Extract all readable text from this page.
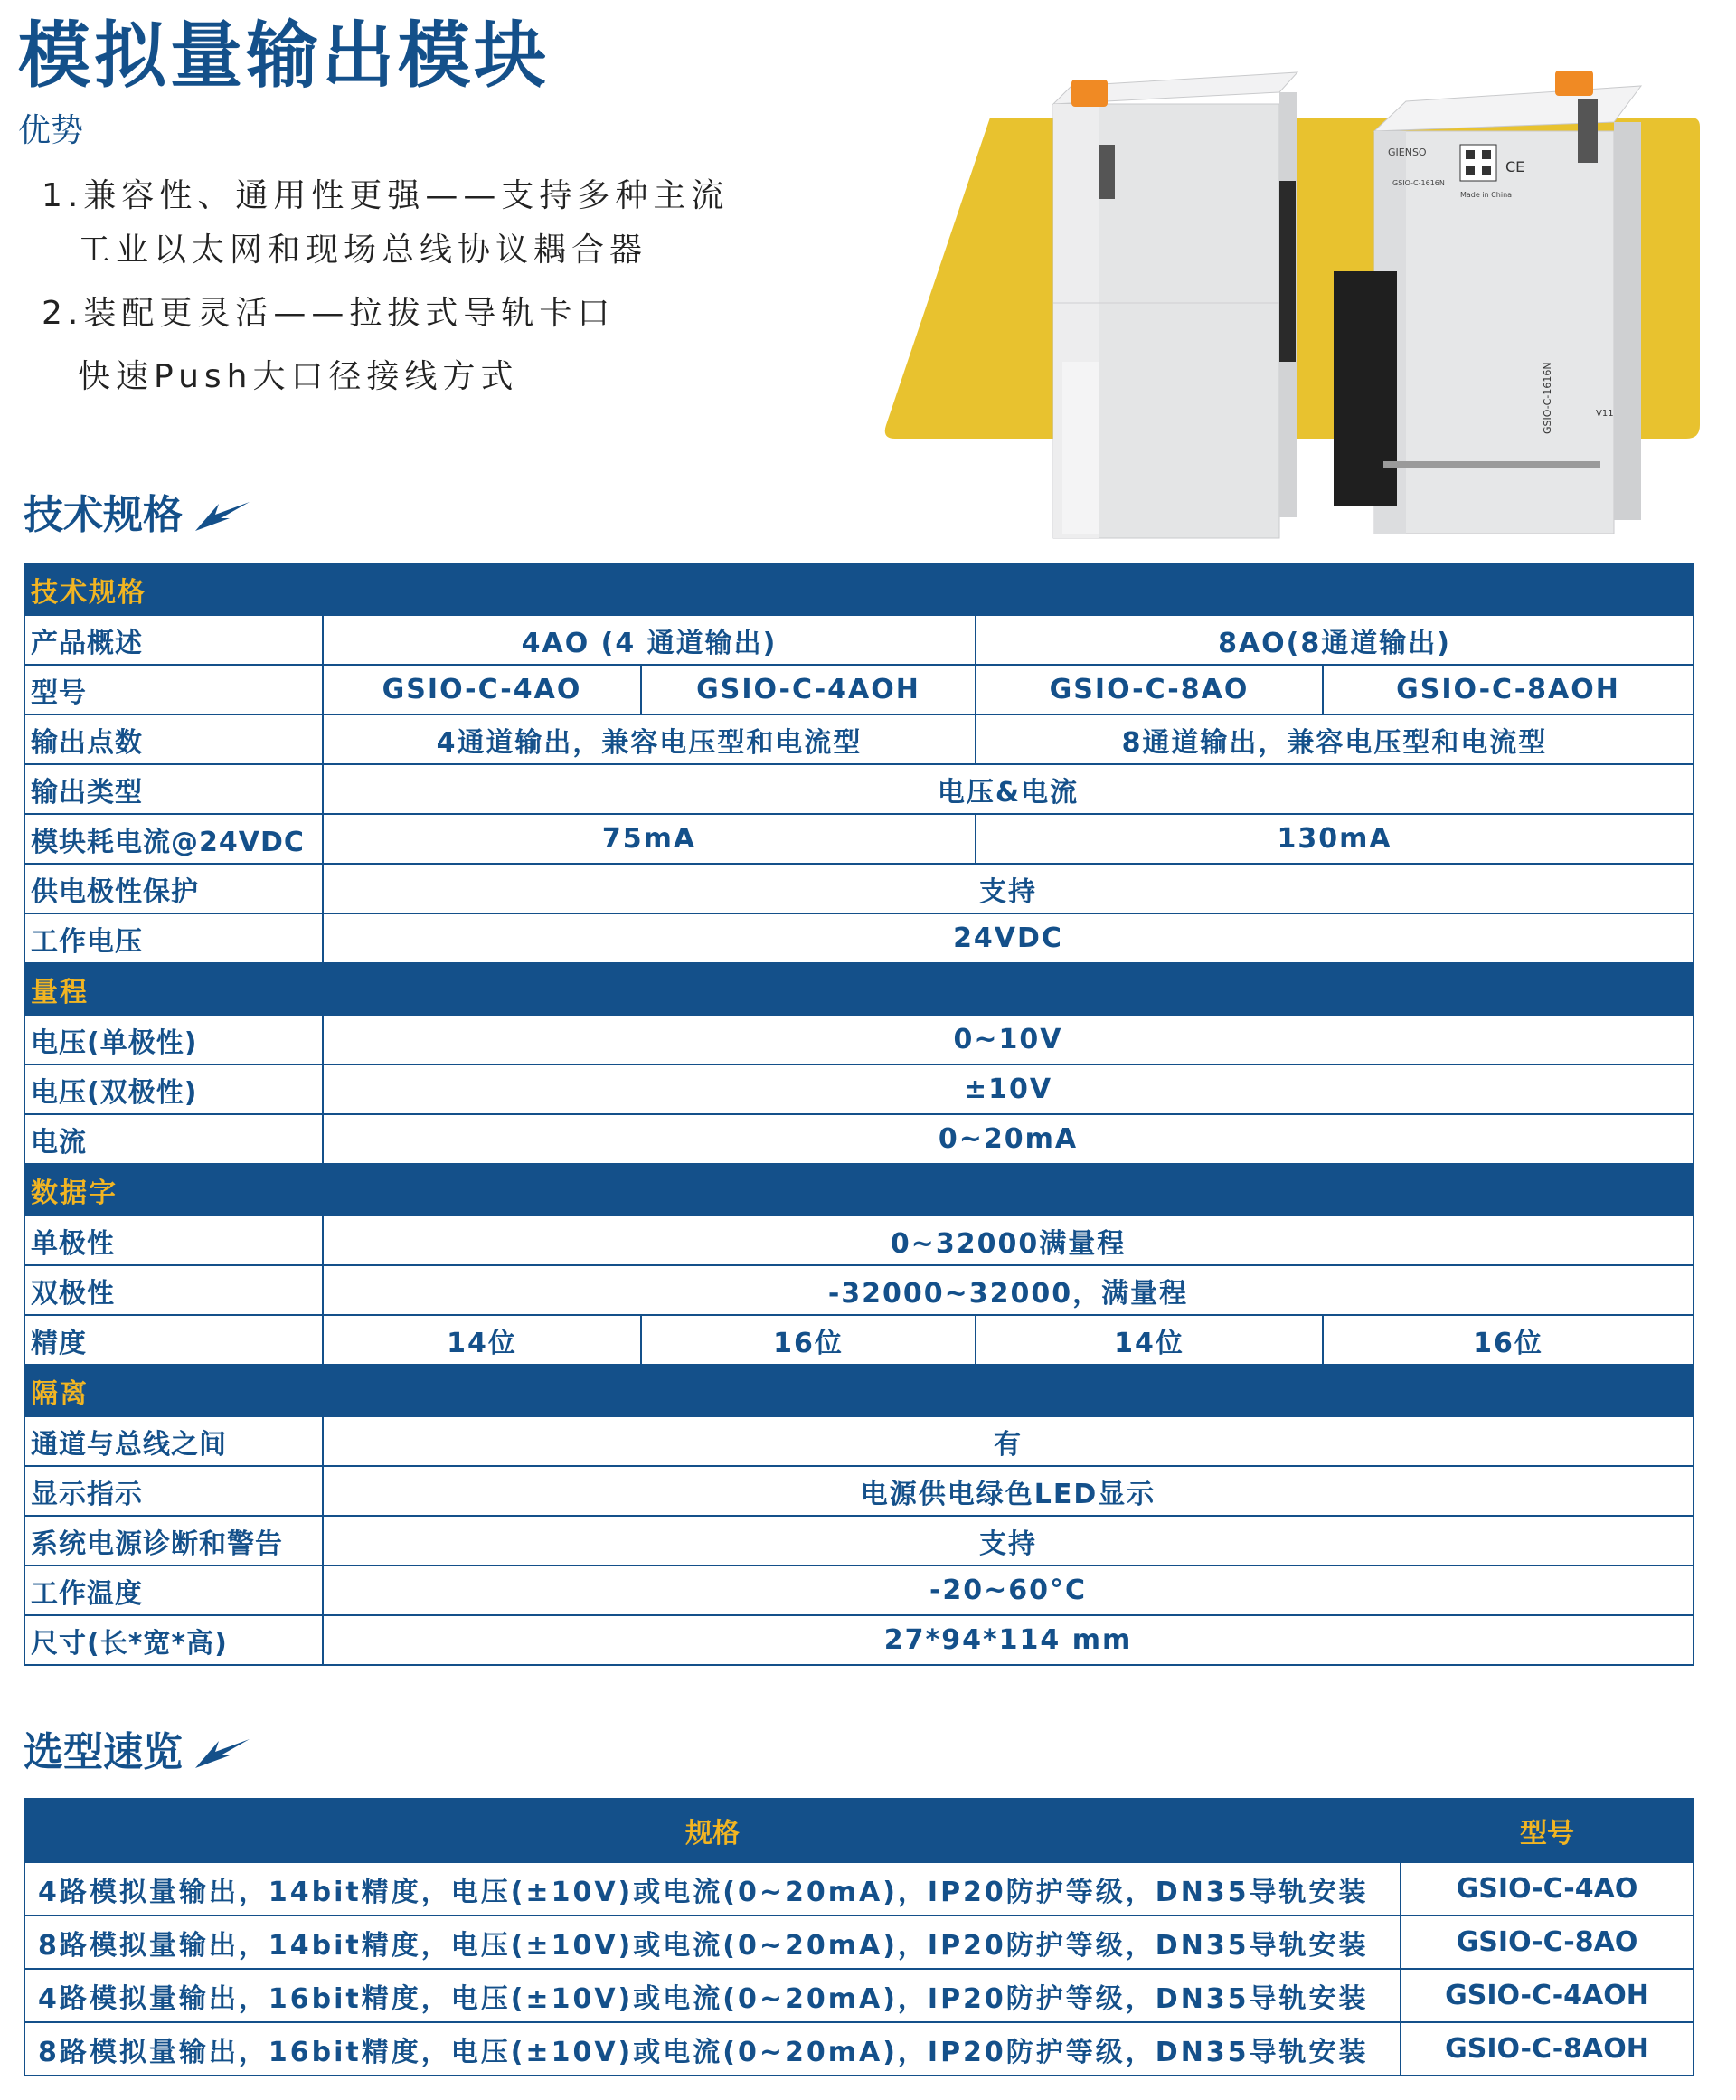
模拟量输出模块
优势
1.兼容性、通用性更强——支持多种主流
工业以太网和现场总线协议耦合器
2.装配更灵活——拉拔式导轨卡口
快速Push大口径接线方式
GIENSO
CE
Made in China
GSIO-C-1616N
GSIO-C-1616N	V11
技术规格
技术规格				
产品概述	4AO (4 通道输出)		8AO(8通道输出)	
型号	GSIO-C-4AO	GSIO-C-4AOH	GSIO-C-8AO	GSIO-C-8AOH
输出点数	4通道输出，兼容电压型和电流型		8通道输出，兼容电压型和电流型	
输出类型	电压&电流			
模块耗电流@24VDC	75mA		130mA	
供电极性保护	支持			
工作电压	24VDC			
量程				
电压(单极性)	0~10V			
电压(双极性)	±10V			
电流	0~20mA			
数据字				
单极性	0~32000满量程			
双极性	-32000~32000，满量程			
精度	14位	16位	14位	16位
隔离				
通道与总线之间	有			
显示指示	电源供电绿色LED显示			
系统电源诊断和警告	支持			
工作温度	-20~60°C			
尺寸(长*宽*高)	27*94*114 mm			
选型速览
规格	型号
4路模拟量输出，14bit精度，电压(±10V)或电流(0~20mA)，IP20防护等级，DN35导轨安装	GSIO-C-4AO
8路模拟量输出，14bit精度，电压(±10V)或电流(0~20mA)，IP20防护等级，DN35导轨安装	GSIO-C-8AO
4路模拟量输出，16bit精度，电压(±10V)或电流(0~20mA)，IP20防护等级，DN35导轨安装	GSIO-C-4AOH
8路模拟量输出，16bit精度，电压(±10V)或电流(0~20mA)，IP20防护等级，DN35导轨安装	GSIO-C-8AOH
